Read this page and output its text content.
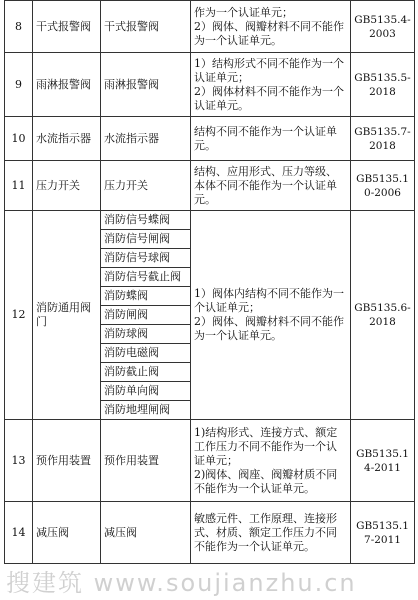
8	干式报警阀	干式报警阀	作为一个认证单元；
2）阀体、阀瓣材料不同不能作为一个认证单元。	GB5135.4-2003
9	雨淋报警阀	雨淋报警阀	1）结构形式不同不能作为一个认证单元；
2）阀体材料不同不能作为一个认证单元。	GB5135.5-2018
10	水流指示器	水流指示器	结构不同不能作为一个认证单元。	GB5135.7-2018
11	压力开关	压力开关	结构、应用形式、压力等级、本体不同不能作为一个认证单元。	GB5135.10-2006
12	消防通用阀门	消防信号蝶阀	1）阀体内结构不同不能作为一个认证单元；
2）阀体、阀瓣材料不同不能作为一个认证单元。	GB5135.6-2018
		消防信号闸阀		
		消防信号球阀		
		消防信号截止阀		
		消防蝶阀		
		消防闸阀		
		消防球阀		
		消防电磁阀		
		消防截止阀		
		消防单向阀		
		消防地埋闸阀		
13	预作用装置	预作用装置	1)结构形式、连接方式、额定工作压力不同不能作为一个认证单元；
2)阀体、阀座、阀瓣材质不同不能作为一个认证单元。	GB5135.14-2011
14	减压阀	减压阀	敏感元件、工作原理、连接形式、材质、额定工作压力不同不能作为一个认证单元。	GB5135.17-2011
搜建筑 www.soujianzhu.cn
